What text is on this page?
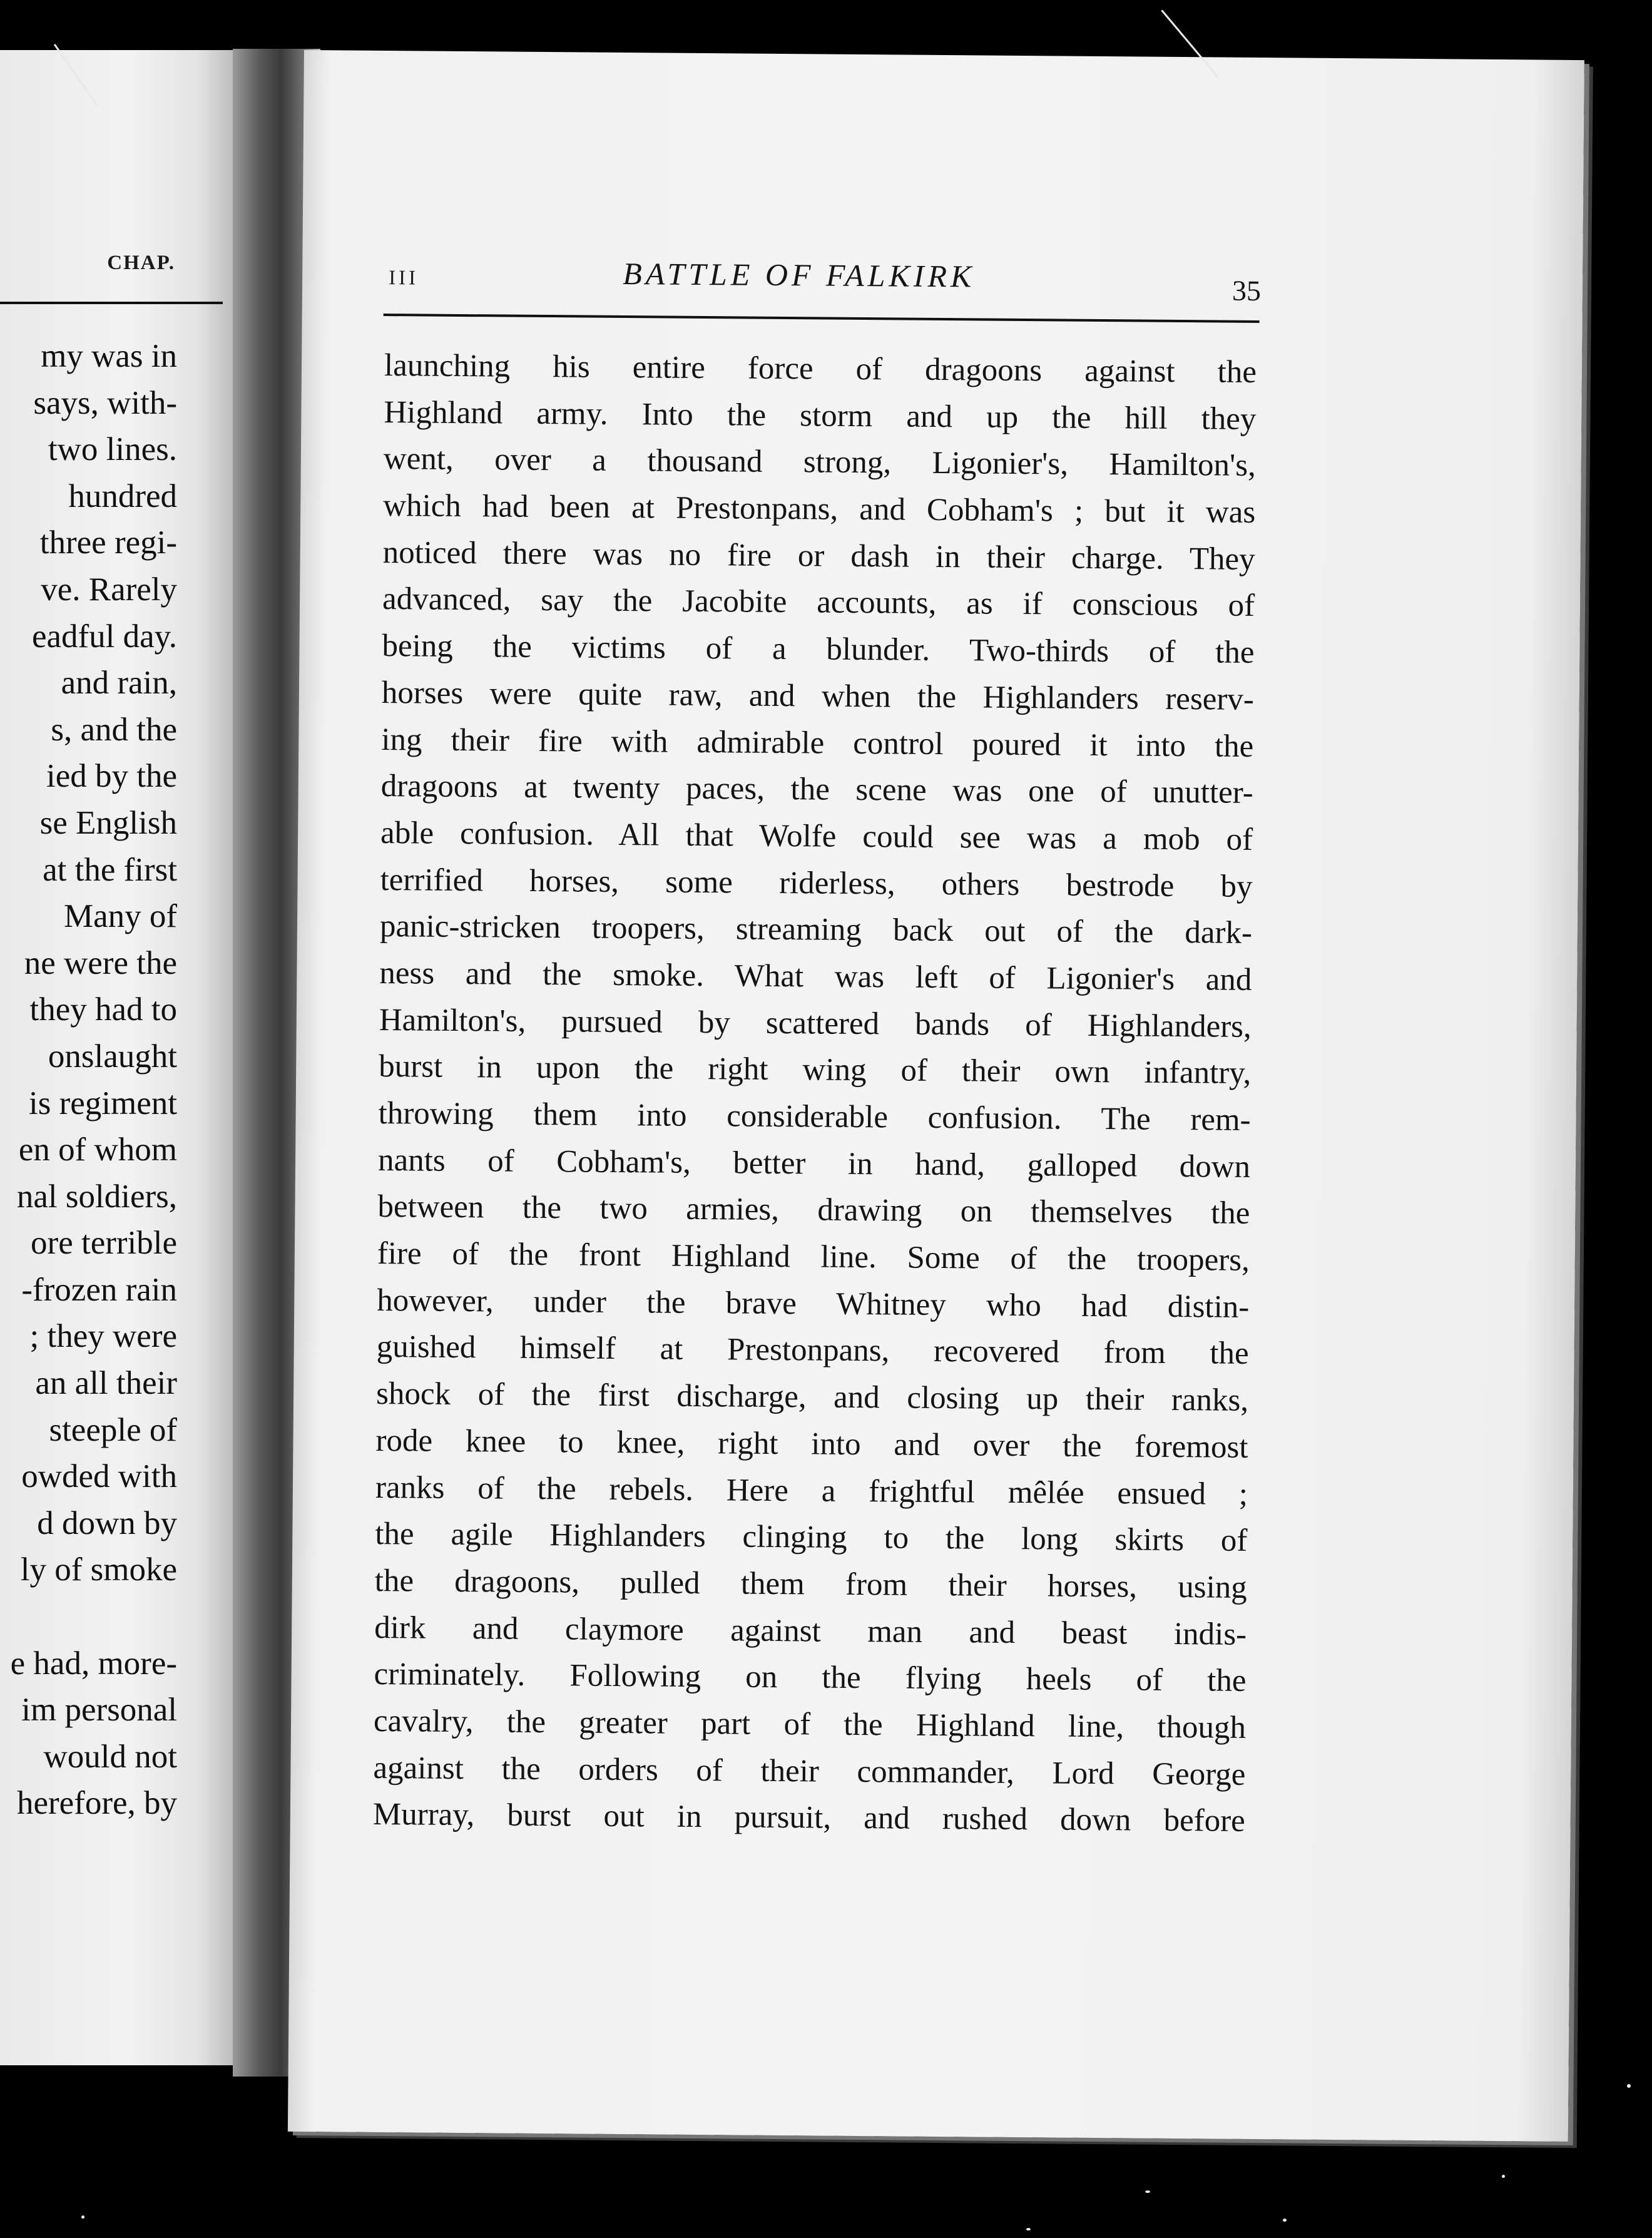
CHAP.
my was in
says, with-
two lines.
hundred
three regi-
ve. Rarely
eadful day.
and rain,
s, and the
ied by the
se English
at the first
Many of
ne were the
they had to
onslaught
is regiment
en of whom
nal soldiers,
ore terrible
-frozen rain
; they were
an all their
steeple of
owded with
d down by
ly of smoke
e had, more-
im personal
would not
herefore, by
III	BATTLE OF FALKIRK	35
launching his entire force of dragoons against the
Highland army. Into the storm and up the hill they
went, over a thousand strong, Ligonier's, Hamilton's,
which had been at Prestonpans, and Cobham's ; but it was
noticed there was no fire or dash in their charge. They
advanced, say the Jacobite accounts, as if conscious of
being the victims of a blunder. Two-thirds of the
horses were quite raw, and when the Highlanders reserv-
ing their fire with admirable control poured it into the
dragoons at twenty paces, the scene was one of unutter-
able confusion. All that Wolfe could see was a mob of
terrified horses, some riderless, others bestrode by
panic-stricken troopers, streaming back out of the dark-
ness and the smoke. What was left of Ligonier's and
Hamilton's, pursued by scattered bands of Highlanders,
burst in upon the right wing of their own infantry,
throwing them into considerable confusion. The rem-
nants of Cobham's, better in hand, galloped down
between the two armies, drawing on themselves the
fire of the front Highland line. Some of the troopers,
however, under the brave Whitney who had distin-
guished himself at Prestonpans, recovered from the
shock of the first discharge, and closing up their ranks,
rode knee to knee, right into and over the foremost
ranks of the rebels. Here a frightful mêlée ensued ;
the agile Highlanders clinging to the long skirts of
the dragoons, pulled them from their horses, using
dirk and claymore against man and beast indis-
criminately. Following on the flying heels of the
cavalry, the greater part of the Highland line, though
against the orders of their commander, Lord George
Murray, burst out in pursuit, and rushed down before
